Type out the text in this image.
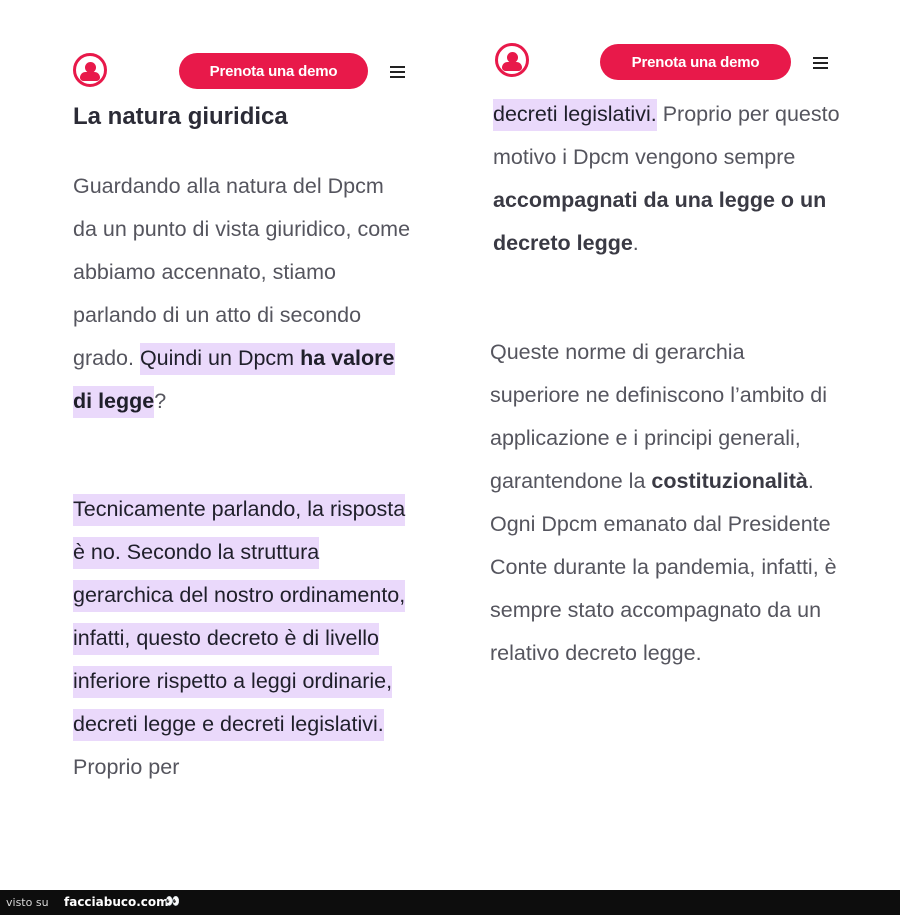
Prenota una demo
La natura giuridica

Guardando alla natura del Dpcm da un punto di vista giuridico, come abbiamo accennato, stiamo parlando di un atto di secondo grado. Quindi un Dpcm ha valore di legge?

Tecnicamente parlando, la risposta è no. Secondo la struttura gerarchica del nostro ordinamento, infatti, questo decreto è di livello inferiore rispetto a leggi ordinarie, decreti legge e decreti legislativi. Proprio per

Prenota una demo

decreti legislativi. Proprio per questo motivo i Dpcm vengono sempre accompagnati da una legge o un decreto legge.

Queste norme di gerarchia superiore ne definiscono l’ambito di applicazione e i principi generali, garantendone la costituzionalità. Ogni Dpcm emanato dal Presidente Conte durante la pandemia, infatti, è sempre stato accompagnato da un relativo decreto legge.

visto su facciabuco.com
👀
